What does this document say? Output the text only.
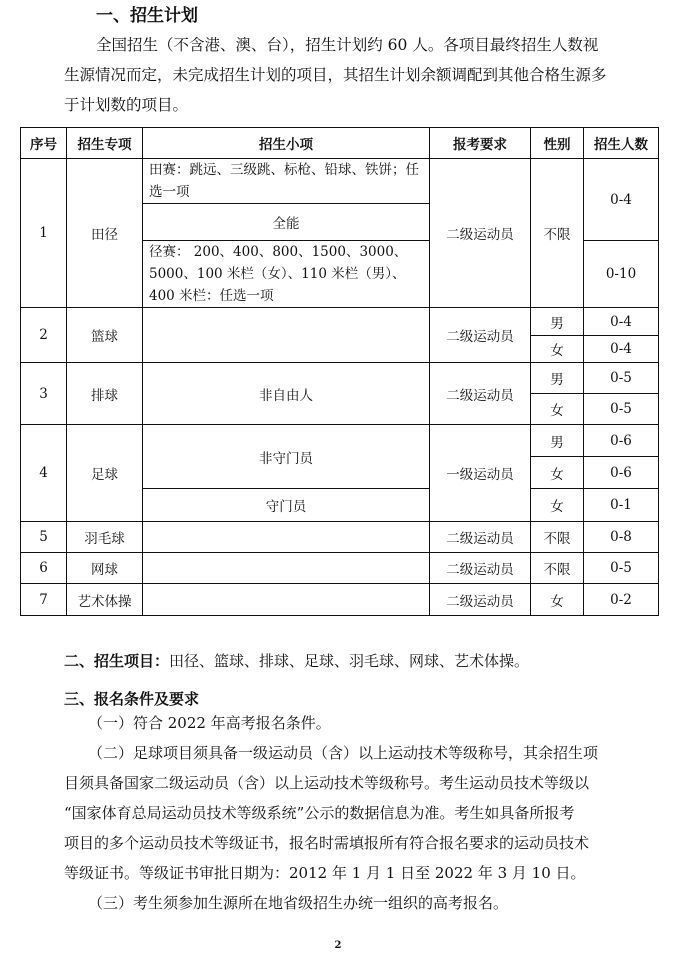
一、招生计划
全国招生（不含港、澳、台），招生计划约 60 人。各项目最终招生人数视
生源情况而定，未完成招生计划的项目，其招生计划余额调配到其他合格生源多
于计划数的项目。
序号	招生专项	招生小项	报考要求	性别	招生人数
1	田径	田赛：跳远、三级跳、标枪、铅球、铁饼；任选一项	二级运动员	不限	0-4
		全能			
		径赛： 200、400、800、1500、3000、5000、100 米栏（女）、110 米栏（男）、400 米栏：任选一项			0-10
2	篮球		二级运动员	男	0-4
				女	0-4
3	排球	非自由人	二级运动员	男	0-5
				女	0-5
4	足球	非守门员	一级运动员	男	0-6
				女	0-6
		守门员		女	0-1
5	羽毛球		二级运动员	不限	0-8
6	网球		二级运动员	不限	0-5
7	艺术体操		二级运动员	女	0-2
二、招生项目：田径、篮球、排球、足球、羽毛球、网球、艺术体操。
三、报名条件及要求
（一）符合 2022 年高考报名条件。
（二）足球项目须具备一级运动员（含）以上运动技术等级称号，其余招生项
目须具备国家二级运动员（含）以上运动技术等级称号。考生运动员技术等级以
“国家体育总局运动员技术等级系统”公示的数据信息为准。考生如具备所报考
项目的多个运动员技术等级证书，报名时需填报所有符合报名要求的运动员技术
等级证书。等级证书审批日期为：2012 年 1 月 1 日至 2022 年 3 月 10 日。
（三）考生须参加生源所在地省级招生办统一组织的高考报名。
2
